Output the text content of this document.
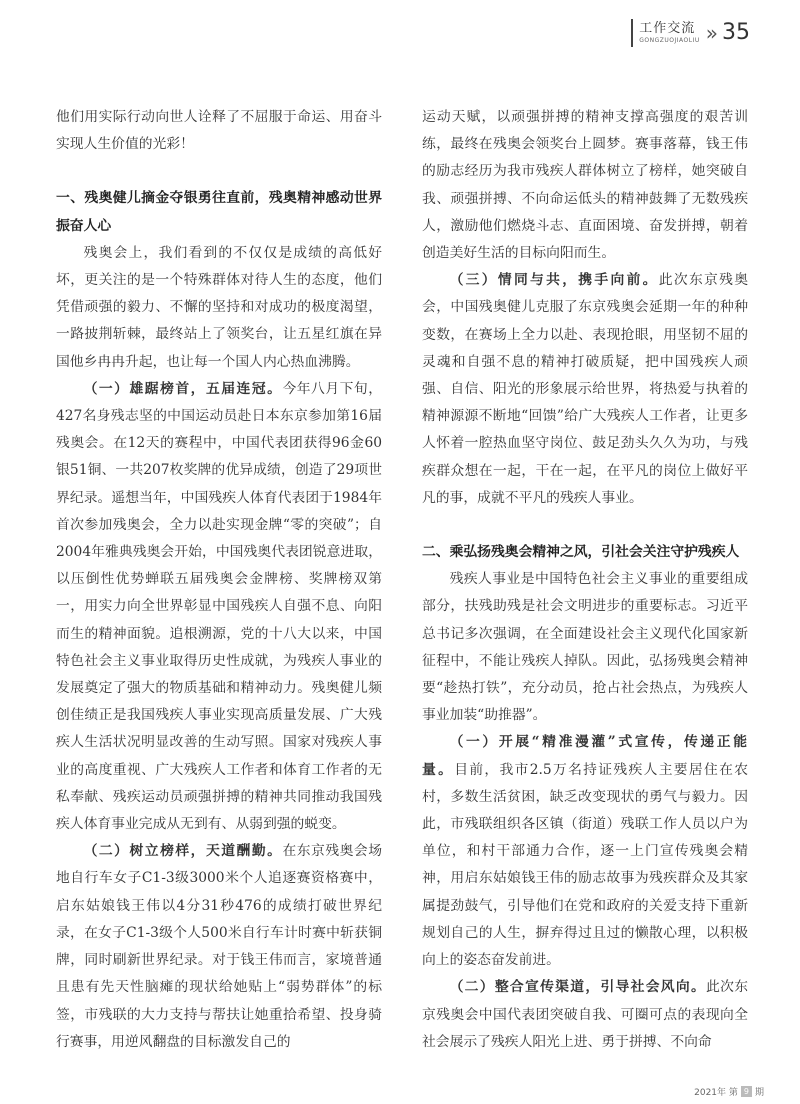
工作交流
GONGZUOJIAOLIU » 35

他们用实际行动向世人诠释了不屈服于命运、用奋斗实现人生价值的光彩！

一、残奥健儿摘金夺银勇往直前，残奥精神感动世界振奋人心

残奥会上，我们看到的不仅仅是成绩的高低好坏，更关注的是一个特殊群体对待人生的态度，他们凭借顽强的毅力、不懈的坚持和对成功的极度渴望，一路披荆斩棘，最终站上了领奖台，让五星红旗在异国他乡冉冉升起，也让每一个国人内心热血沸腾。

（一）雄踞榜首，五届连冠。今年八月下旬，427名身残志坚的中国运动员赴日本东京参加第16届残奥会。在12天的赛程中，中国代表团获得96金60银51铜、一共207枚奖牌的优异成绩，创造了29项世界纪录。遥想当年，中国残疾人体育代表团于1984年首次参加残奥会，全力以赴实现金牌“零的突破”；自2004年雅典残奥会开始，中国残奥代表团锐意进取，以压倒性优势蝉联五届残奥会金牌榜、奖牌榜双第一，用实力向全世界彰显中国残疾人自强不息、向阳而生的精神面貌。追根溯源，党的十八大以来，中国特色社会主义事业取得历史性成就，为残疾人事业的发展奠定了强大的物质基础和精神动力。残奥健儿频创佳绩正是我国残疾人事业实现高质量发展、广大残疾人生活状况明显改善的生动写照。国家对残疾人事业的高度重视、广大残疾人工作者和体育工作者的无私奉献、残疾运动员顽强拼搏的精神共同推动我国残疾人体育事业完成从无到有、从弱到强的蜕变。

（二）树立榜样，天道酬勤。在东京残奥会场地自行车女子C1-3级3000米个人追逐赛资格赛中，启东姑娘钱王伟以4分31秒476的成绩打破世界纪录，在女子C1-3级个人500米自行车计时赛中斩获铜牌，同时刷新世界纪录。对于钱王伟而言，家境普通且患有先天性脑瘫的现状给她贴上“弱势群体”的标签，市残联的大力支持与帮扶让她重拾希望、投身骑行赛事，用逆风翻盘的目标激发自己的

运动天赋，以顽强拼搏的精神支撑高强度的艰苦训练，最终在残奥会领奖台上圆梦。赛事落幕，钱王伟的励志经历为我市残疾人群体树立了榜样，她突破自我、顽强拼搏、不向命运低头的精神鼓舞了无数残疾人，激励他们燃烧斗志、直面困境、奋发拼搏，朝着创造美好生活的目标向阳而生。

（三）情同与共，携手向前。此次东京残奥会，中国残奥健儿克服了东京残奥会延期一年的种种变数，在赛场上全力以赴、表现抢眼，用坚韧不屈的灵魂和自强不息的精神打破质疑，把中国残疾人顽强、自信、阳光的形象展示给世界，将热爱与执着的精神源源不断地“回馈”给广大残疾人工作者，让更多人怀着一腔热血坚守岗位、鼓足劲头久久为功，与残疾群众想在一起，干在一起，在平凡的岗位上做好平凡的事，成就不平凡的残疾人事业。

二、乘弘扬残奥会精神之风，引社会关注守护残疾人

残疾人事业是中国特色社会主义事业的重要组成部分，扶残助残是社会文明进步的重要标志。习近平总书记多次强调，在全面建设社会主义现代化国家新征程中，不能让残疾人掉队。因此，弘扬残奥会精神要“趁热打铁”，充分动员，抢占社会热点，为残疾人事业加装“助推器”。

（一）开展“精准漫灌”式宣传，传递正能量。目前，我市2.5万名持证残疾人主要居住在农村，多数生活贫困，缺乏改变现状的勇气与毅力。因此，市残联组织各区镇（街道）残联工作人员以户为单位，和村干部通力合作，逐一上门宣传残奥会精神，用启东姑娘钱王伟的励志故事为残疾群众及其家属提劲鼓气，引导他们在党和政府的关爱支持下重新规划自己的人生，摒弃得过且过的懒散心理，以积极向上的姿态奋发前进。

（二）整合宣传渠道，引导社会风向。此次东京残奥会中国代表团突破自我、可圈可点的表现向全社会展示了残疾人阳光上进、勇于拼搏、不向命

2021年 第 9 期
